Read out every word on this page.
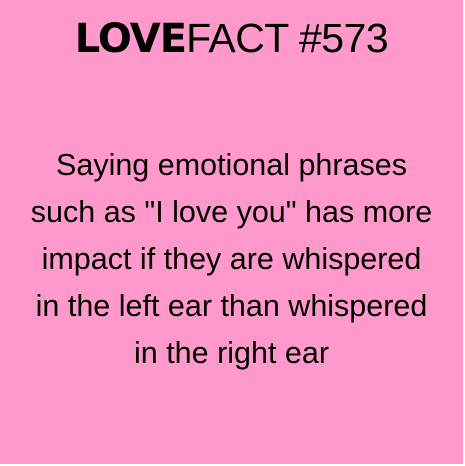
LOVEFACT #573
Saying emotional phrases
such as "I love you" has more
impact if they are whispered
in the left ear than whispered
in the right ear
